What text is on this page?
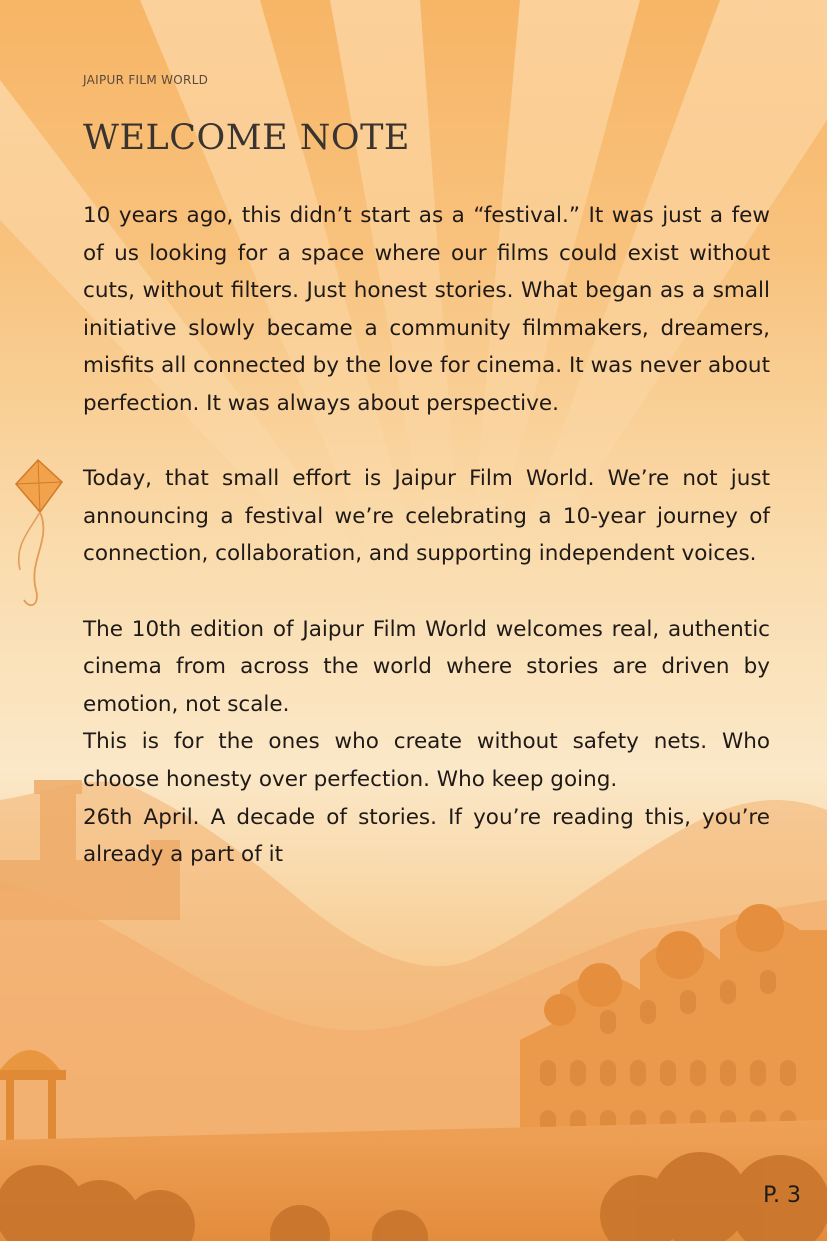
JAIPUR FILM WORLD
WELCOME NOTE

10 years ago, this didn’t start as a “festival.” It was just a few of us looking for a space where our films could exist without cuts, without filters. Just honest stories. What began as a small initiative slowly became a community filmmakers, dreamers, misfits all connected by the love for cinema. It was never about perfection. It was always about perspective.

Today, that small effort is Jaipur Film World. We’re not just announcing a festival we’re celebrating a 10-year journey of connection, collaboration, and supporting independent voices.

The 10th edition of Jaipur Film World welcomes real, authentic cinema from across the world where stories are driven by emotion, not scale.

This is for the ones who create without safety nets. Who choose honesty over perfection. Who keep going.

26th April. A decade of stories. If you’re reading this, you’re already a part of it

P. 3
